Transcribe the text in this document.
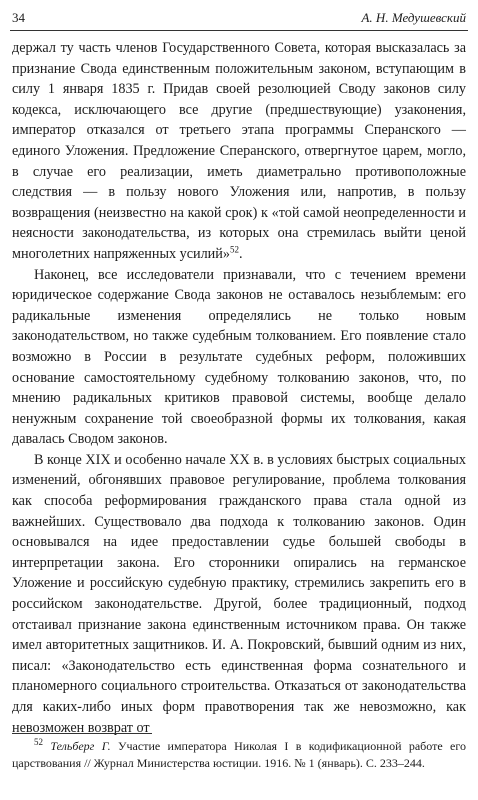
34	А. Н. Медушевский

держал ту часть членов Государственного Совета, которая высказалась за признание Свода единственным положительным законом, вступающим в силу 1 января 1835 г. Придав своей резолюцией Своду законов силу кодекса, исключающего все другие (предшествующие) узаконения, император отказался от третьего этапа программы Сперанского — единого Уложения. Предложение Сперанского, отвергнутое царем, могло, в случае его реализации, иметь диаметрально противоположные следствия — в пользу нового Уложения или, напротив, в пользу возвращения (неизвестно на какой срок) к «той самой неопределенности и неясности законодательства, из которых она стремилась выйти ценой многолетних напряженных усилий»$^{52}$.

Наконец, все исследователи признавали, что с течением времени юридическое содержание Свода законов не оставалось незыблемым: его радикальные изменения определялись не только новым законодательством, но также судебным толкованием. Его появление стало возможно в России в результате судебных реформ, положивших основание самостоятельному судебному толкованию законов, что, по мнению радикальных критиков правовой системы, вообще делало ненужным сохранение той своеобразной формы их толкования, какая давалась Сводом законов.

В конце XIX и особенно начале XX в. в условиях быстрых социальных изменений, обгонявших правовое регулирование, проблема толкования как способа реформирования гражданского права стала одной из важнейших. Существовало два подхода к толкованию законов. Один основывался на идее предоставлении судье большей свободы в интерпретации закона. Его сторонники опирались на германское Уложение и российскую судебную практику, стремились закрепить его в российском законодательстве. Другой, более традиционный, подход отстаивал признание закона единственным источником права. Он также имел авторитетных защитников. И. А. Покровский, бывший одним из них, писал: «Законодательство есть единственная форма сознательного и планомерного социального строительства. Отказаться от законодательства для каких-либо иных форм правотворения так же невозможно, как невозможен возврат от

$^{52}$ Тельберг Г. Участие императора Николая I в кодификационной работе его царствования // Журнал Министерства юстиции. 1916. № 1 (январь). С. 233–244.
